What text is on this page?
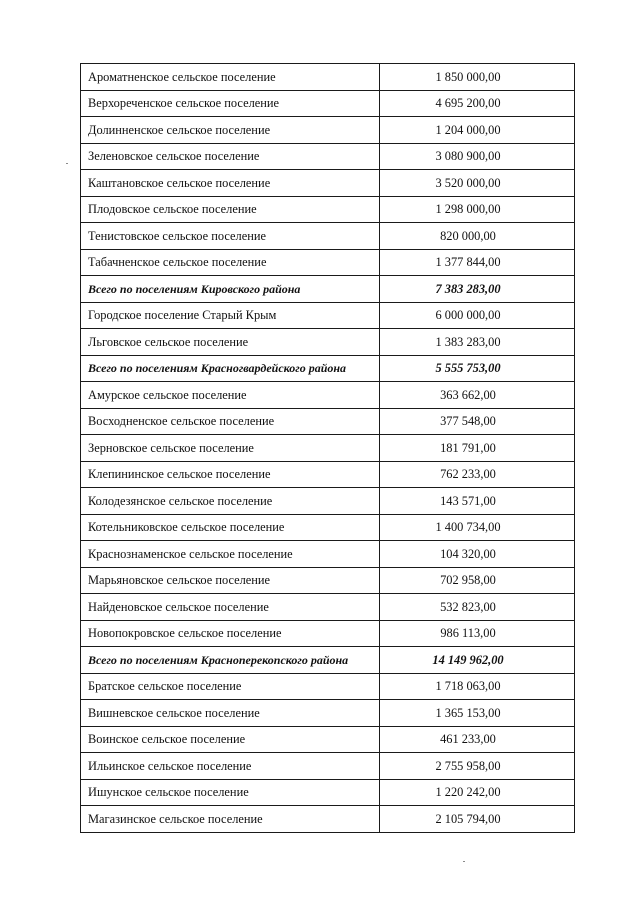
Ароматненское сельское поселение	1 850 000,00
Верхореченское сельское поселение	4 695 200,00
Долинненское сельское поселение	1 204 000,00
Зеленовское сельское поселение	3 080 900,00
Каштановское сельское поселение	3 520 000,00
Плодовское сельское поселение	1 298 000,00
Тенистовское сельское поселение	820 000,00
Табачненское сельское поселение	1 377 844,00
Всего по поселениям Кировского района	7 383 283,00
Городское поселение Старый Крым	6 000 000,00
Льговское сельское поселение	1 383 283,00
Всего по поселениям Красногвардейского района	5 555 753,00
Амурское сельское поселение	363 662,00
Восходненское сельское поселение	377 548,00
Зерновское сельское поселение	181 791,00
Клепининское сельское поселение	762 233,00
Колодезянское сельское поселение	143 571,00
Котельниковское сельское поселение	1 400 734,00
Краснознаменское сельское поселение	104 320,00
Марьяновское сельское поселение	702 958,00
Найденовское сельское поселение	532 823,00
Новопокровское сельское поселение	986 113,00
Всего по поселениям Красноперекопского района	14 149 962,00
Братское сельское поселение	1 718 063,00
Вишневское сельское поселение	1 365 153,00
Воинское сельское поселение	461 233,00
Ильинское сельское поселение	2 755 958,00
Ишунское сельское поселение	1 220 242,00
Магазинское сельское поселение	2 105 794,00
